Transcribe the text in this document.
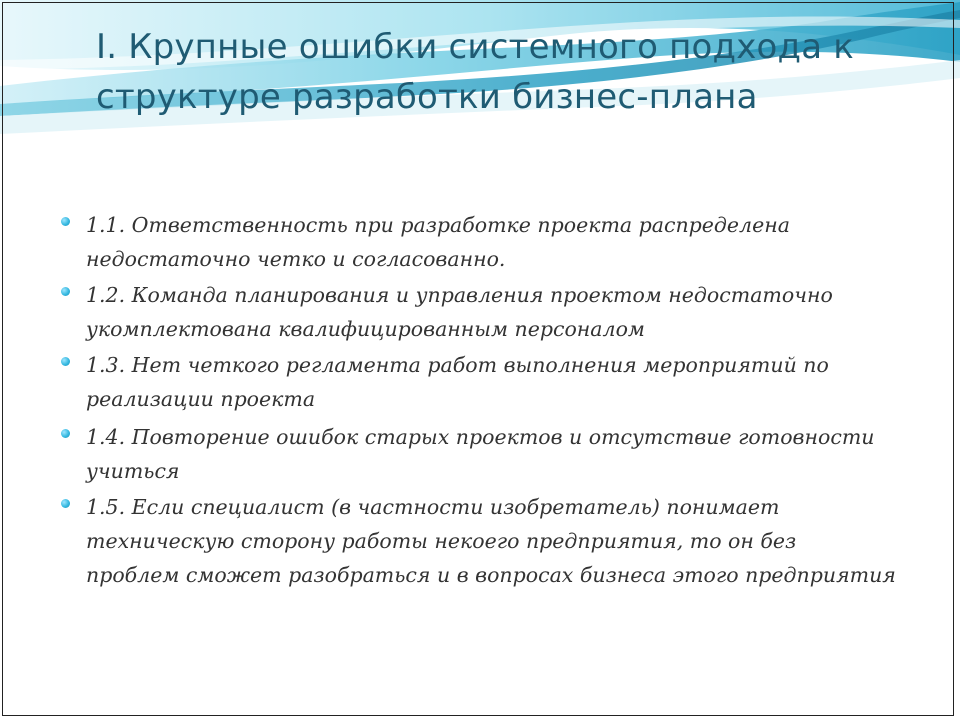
I. Крупные ошибки системного подхода к структуре разработки бизнес-плана
1.1. Ответственность при разработке проекта распределена недостаточно четко и согласованно.
1.2. Команда планирования и управления проектом недостаточно укомплектована квалифицированным персоналом
1.3. Нет четкого регламента работ выполнения мероприятий по реализации проекта
1.4. Повторение ошибок старых проектов и отсутствие готовности учиться
1.5. Если специалист (в частности изобретатель) понимает техническую сторону работы некоего предприятия, то он без проблем сможет разобраться и в вопросах бизнеса этого предприятия
